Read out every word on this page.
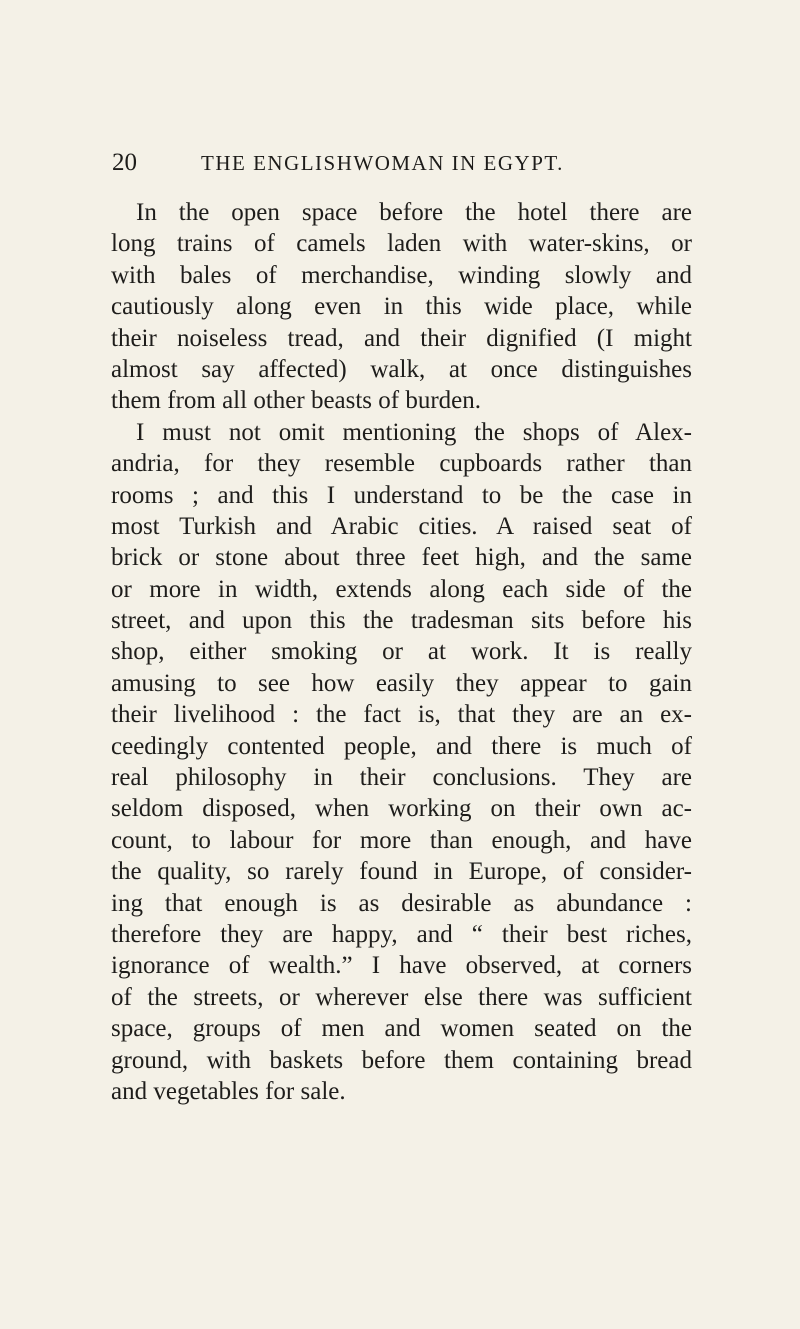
20	THE ENGLISHWOMAN IN EGYPT.
In the open space before the hotel there are
long trains of camels laden with water-skins, or
with bales of merchandise, winding slowly and
cautiously along even in this wide place, while
their noiseless tread, and their dignified (I might
almost say affected) walk, at once distinguishes
them from all other beasts of burden.
I must not omit mentioning the shops of Alex-
andria, for they resemble cupboards rather than
rooms ; and this I understand to be the case in
most Turkish and Arabic cities. A raised seat of
brick or stone about three feet high, and the same
or more in width, extends along each side of the
street, and upon this the tradesman sits before his
shop, either smoking or at work. It is really
amusing to see how easily they appear to gain
their livelihood : the fact is, that they are an ex-
ceedingly contented people, and there is much of
real philosophy in their conclusions. They are
seldom disposed, when working on their own ac-
count, to labour for more than enough, and have
the quality, so rarely found in Europe, of consider-
ing that enough is as desirable as abundance :
therefore they are happy, and “ their best riches,
ignorance of wealth.” I have observed, at corners
of the streets, or wherever else there was sufficient
space, groups of men and women seated on the
ground, with baskets before them containing bread
and vegetables for sale.
